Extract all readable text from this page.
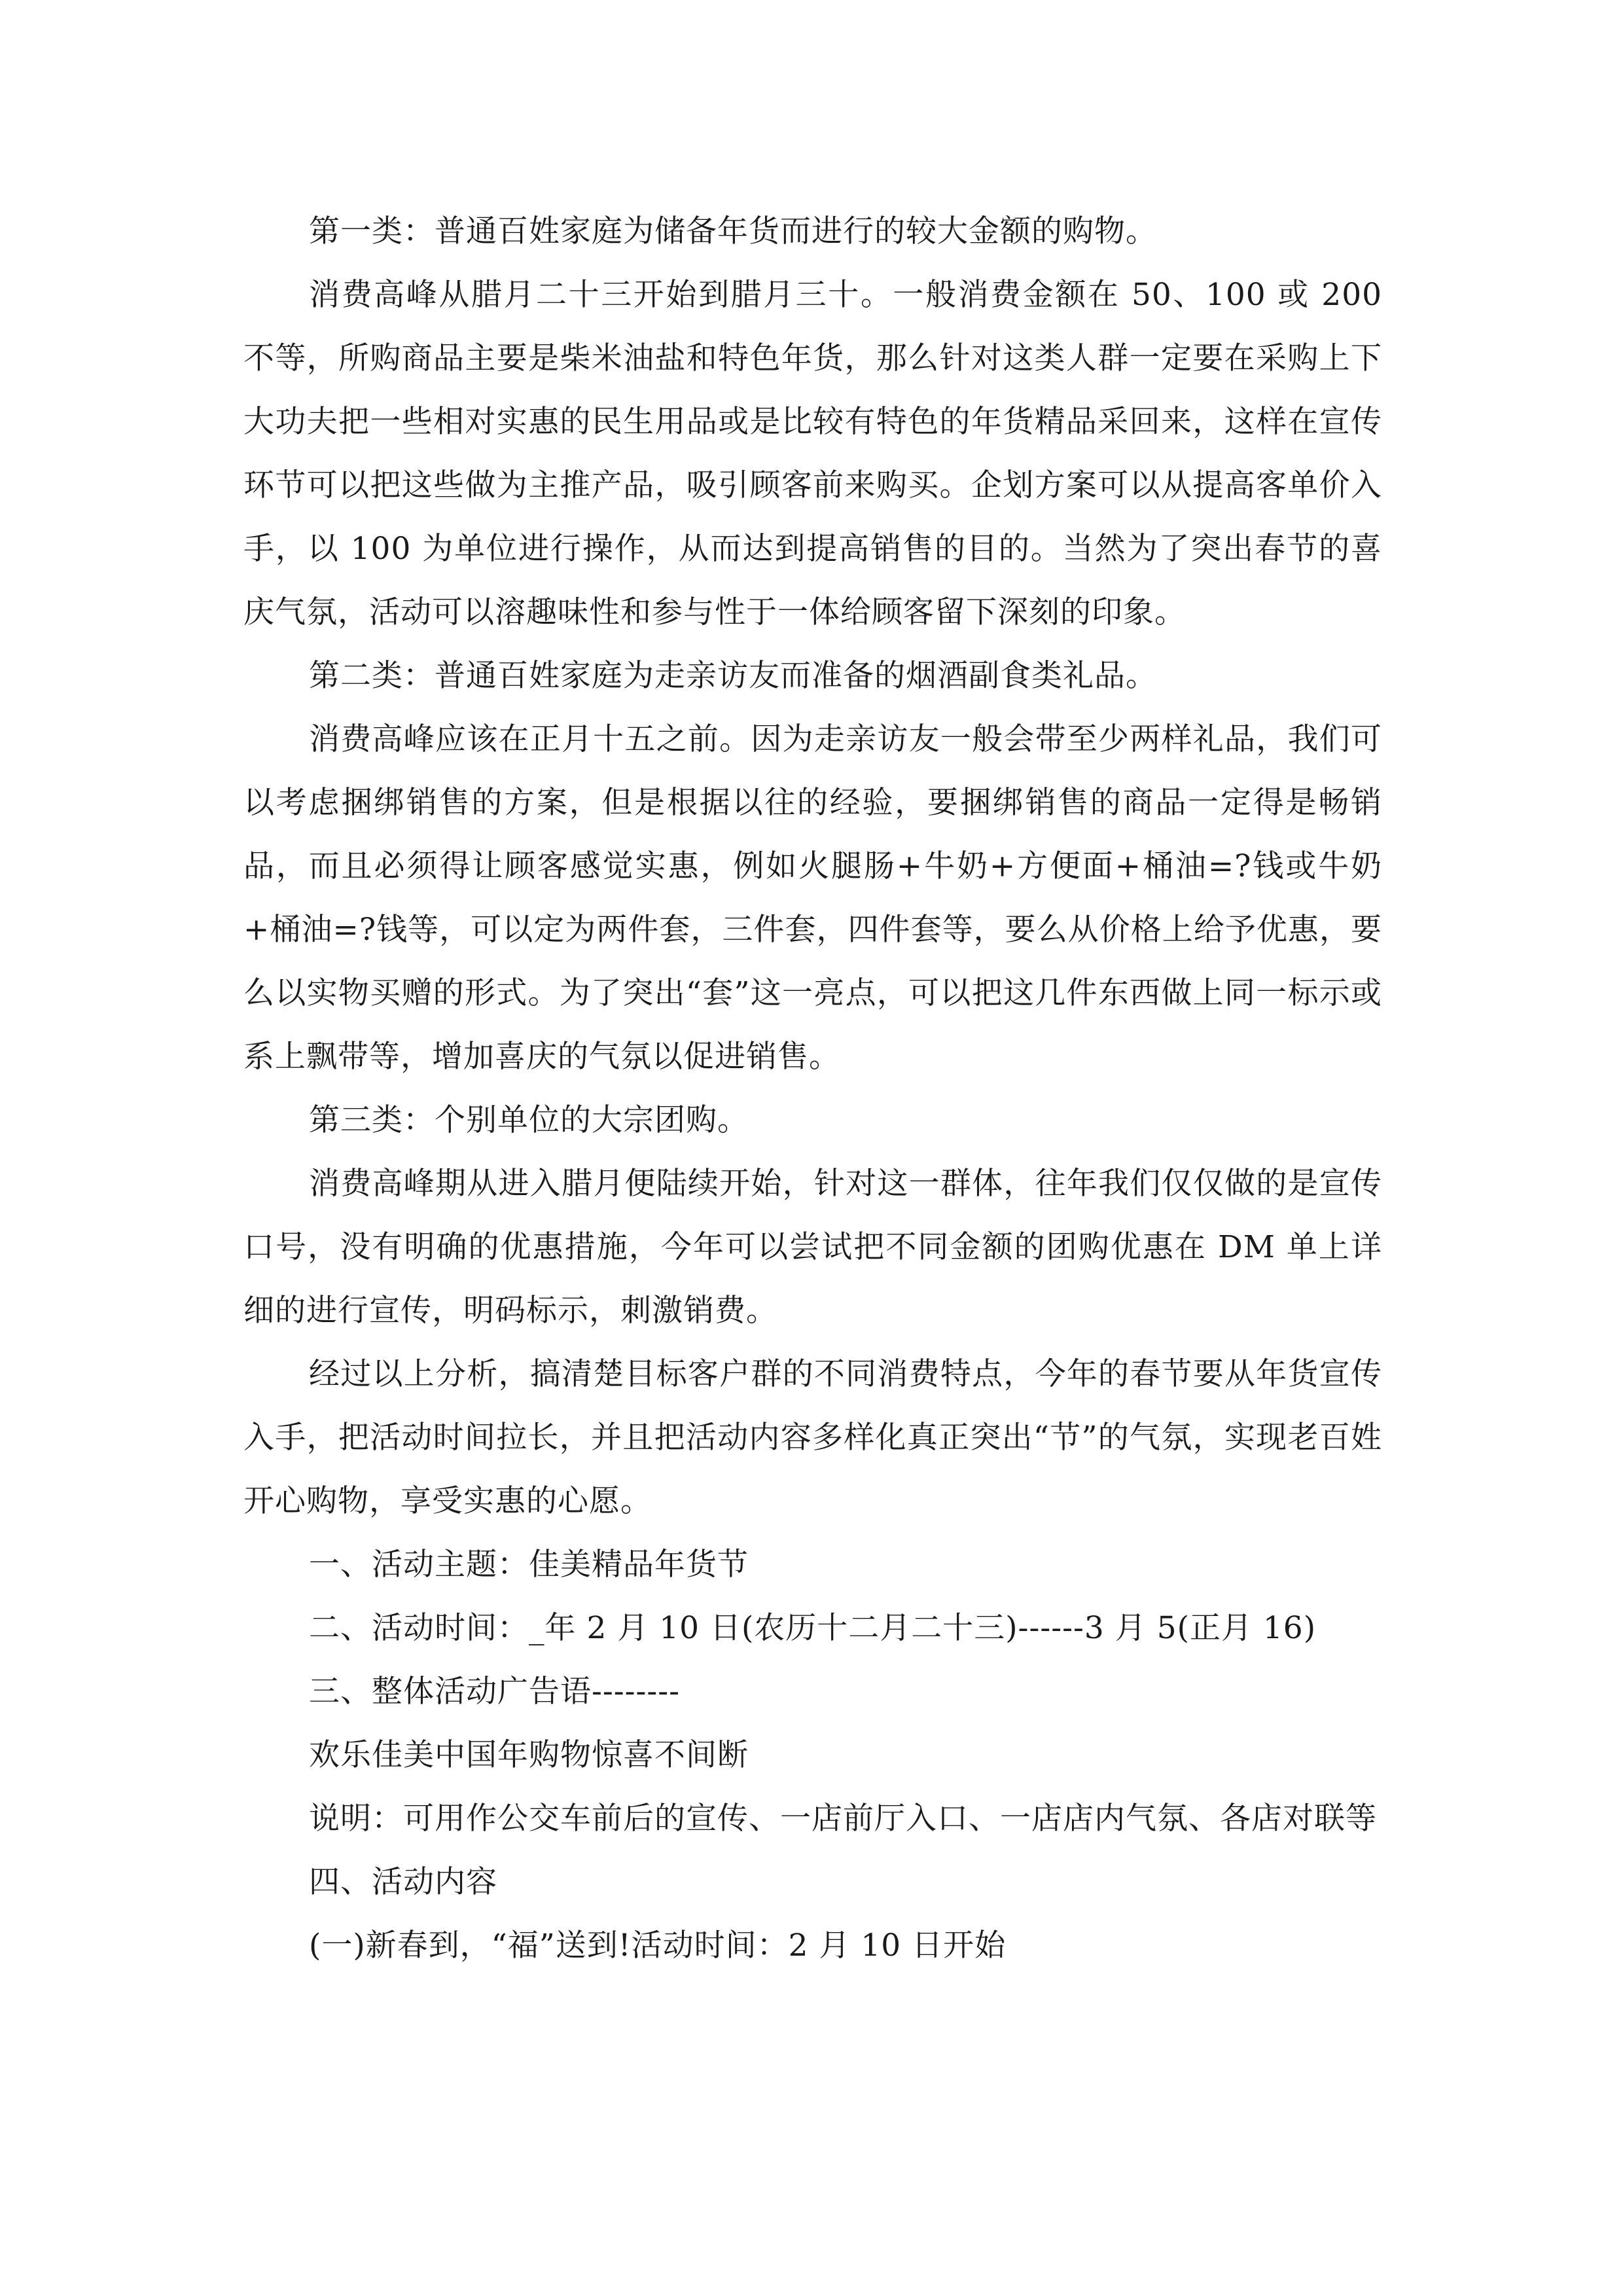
第一类：普通百姓家庭为储备年货而进行的较大金额的购物。

消费高峰从腊月二十三开始到腊月三十。一般消费金额在 50、100 或 200 不等，所购商品主要是柴米油盐和特色年货，那么针对这类人群一定要在采购上下大功夫把一些相对实惠的民生用品或是比较有特色的年货精品采回来，这样在宣传环节可以把这些做为主推产品，吸引顾客前来购买。企划方案可以从提高客单价入手，以 100 为单位进行操作，从而达到提高销售的目的。当然为了突出春节的喜庆气氛，活动可以溶趣味性和参与性于一体给顾客留下深刻的印象。

第二类：普通百姓家庭为走亲访友而准备的烟酒副食类礼品。

消费高峰应该在正月十五之前。因为走亲访友一般会带至少两样礼品，我们可以考虑捆绑销售的方案，但是根据以往的经验，要捆绑销售的商品一定得是畅销品，而且必须得让顾客感觉实惠，例如火腿肠+牛奶+方便面+桶油=?钱或牛奶+桶油=?钱等，可以定为两件套，三件套，四件套等，要么从价格上给予优惠，要么以实物买赠的形式。为了突出“套”这一亮点，可以把这几件东西做上同一标示或系上飘带等，增加喜庆的气氛以促进销售。

第三类：个别单位的大宗团购。

消费高峰期从进入腊月便陆续开始，针对这一群体，往年我们仅仅做的是宣传口号，没有明确的优惠措施，今年可以尝试把不同金额的团购优惠在 DM 单上详细的进行宣传，明码标示，刺激销费。

经过以上分析，搞清楚目标客户群的不同消费特点，今年的春节要从年货宣传入手，把活动时间拉长，并且把活动内容多样化真正突出“节”的气氛，实现老百姓开心购物，享受实惠的心愿。

一、活动主题：佳美精品年货节

二、活动时间：_年 2 月 10 日(农历十二月二十三)------3 月 5(正月 16)

三、整体活动广告语--------

欢乐佳美中国年购物惊喜不间断

说明：可用作公交车前后的宣传、一店前厅入口、一店店内气氛、各店对联等

四、活动内容

(一)新春到，“福”送到!活动时间：2 月 10 日开始
